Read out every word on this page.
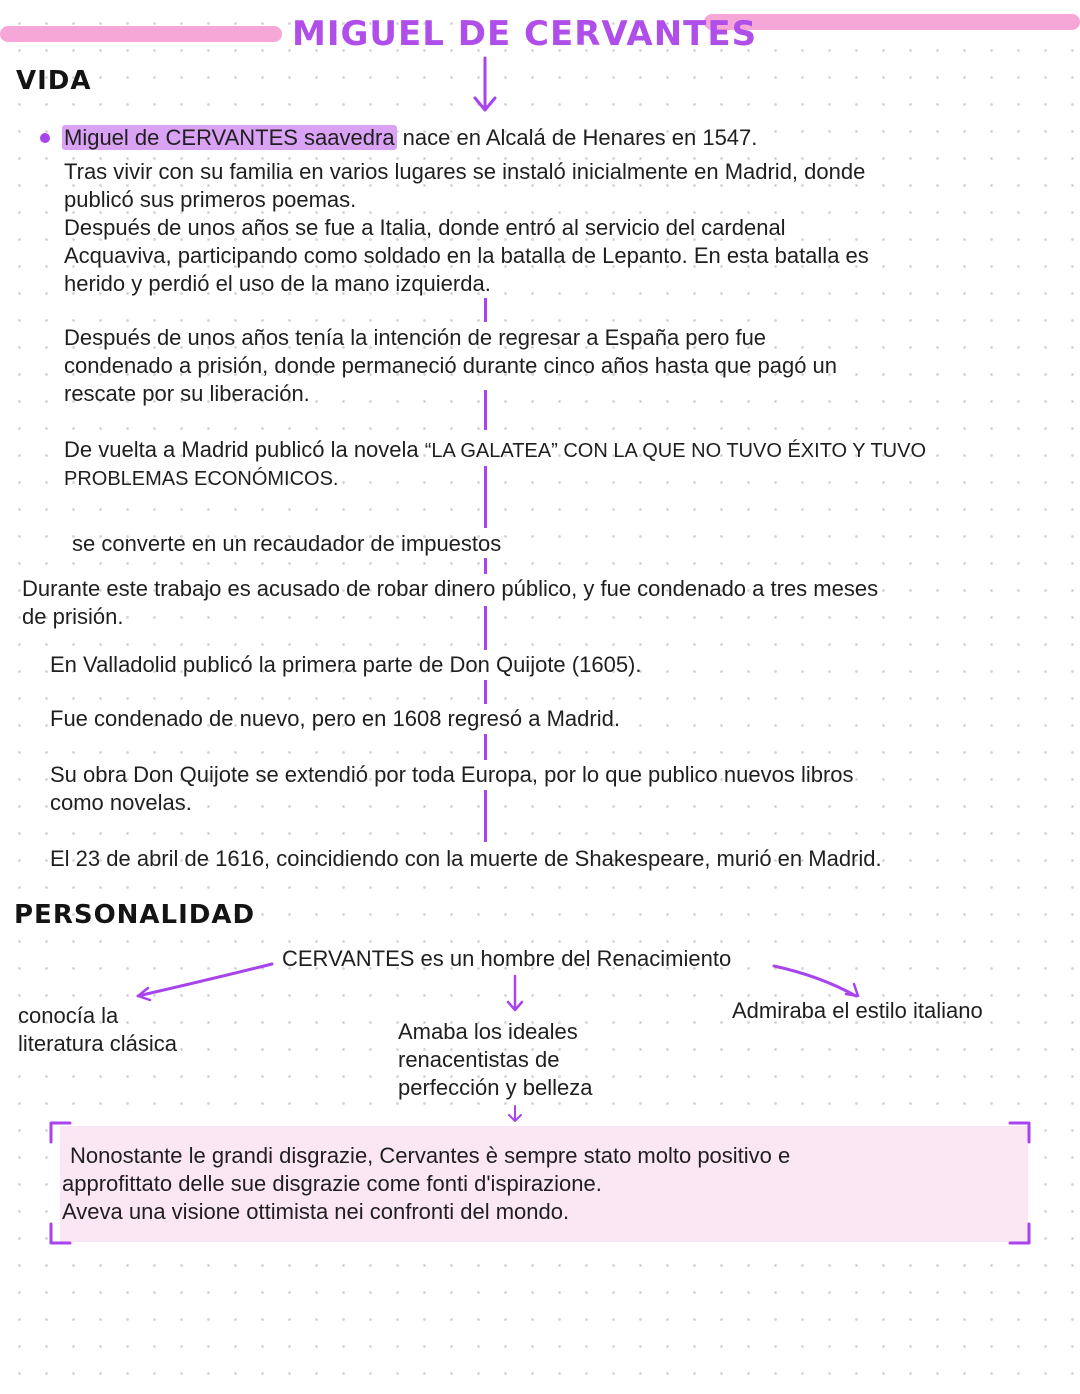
MIGUEL DE CERVANTES
VIDA

Miguel de CERVANTES saavedra nace en Alcalá de Henares en 1547.

Tras vivir con su familia en varios lugares se instaló inicialmente en Madrid, donde
publicó sus primeros poemas.
Después de unos años se fue a Italia, donde entró al servicio del cardenal
Acquaviva, participando como soldado en la batalla de Lepanto. En esta batalla es
herido y perdió el uso de la mano izquierda.

Después de unos años tenía la intención de regresar a España pero fue
condenado a prisión, donde permaneció durante cinco años hasta que pagó un
rescate por su liberación.

De vuelta a Madrid publicó la novela “LA GALATEA” CON LA QUE NO TUVO ÉXITO Y TUVO
PROBLEMAS ECONÓMICOS.

se converte en un recaudador de impuestos

Durante este trabajo es acusado de robar dinero público, y fue condenado a tres meses
de prisión.

En Valladolid publicó la primera parte de Don Quijote (1605).

Fue condenado de nuevo, pero en 1608 regresó a Madrid.

Su obra Don Quijote se extendió por toda Europa, por lo que publico nuevos libros
como novelas.

El 23 de abril de 1616, coincidiendo con la muerte de Shakespeare, murió en Madrid.

PERSONALIDAD

CERVANTES es un hombre del Renacimiento

conocía la
literatura clásica	Amaba los ideales
renacentistas de
perfección y belleza

Admiraba el estilo italiano

Nonostante le grandi disgrazie, Cervantes è sempre stato molto positivo e
approfittato delle sue disgrazie come fonti d'ispirazione.
Aveva una visione ottimista nei confronti del mondo.
